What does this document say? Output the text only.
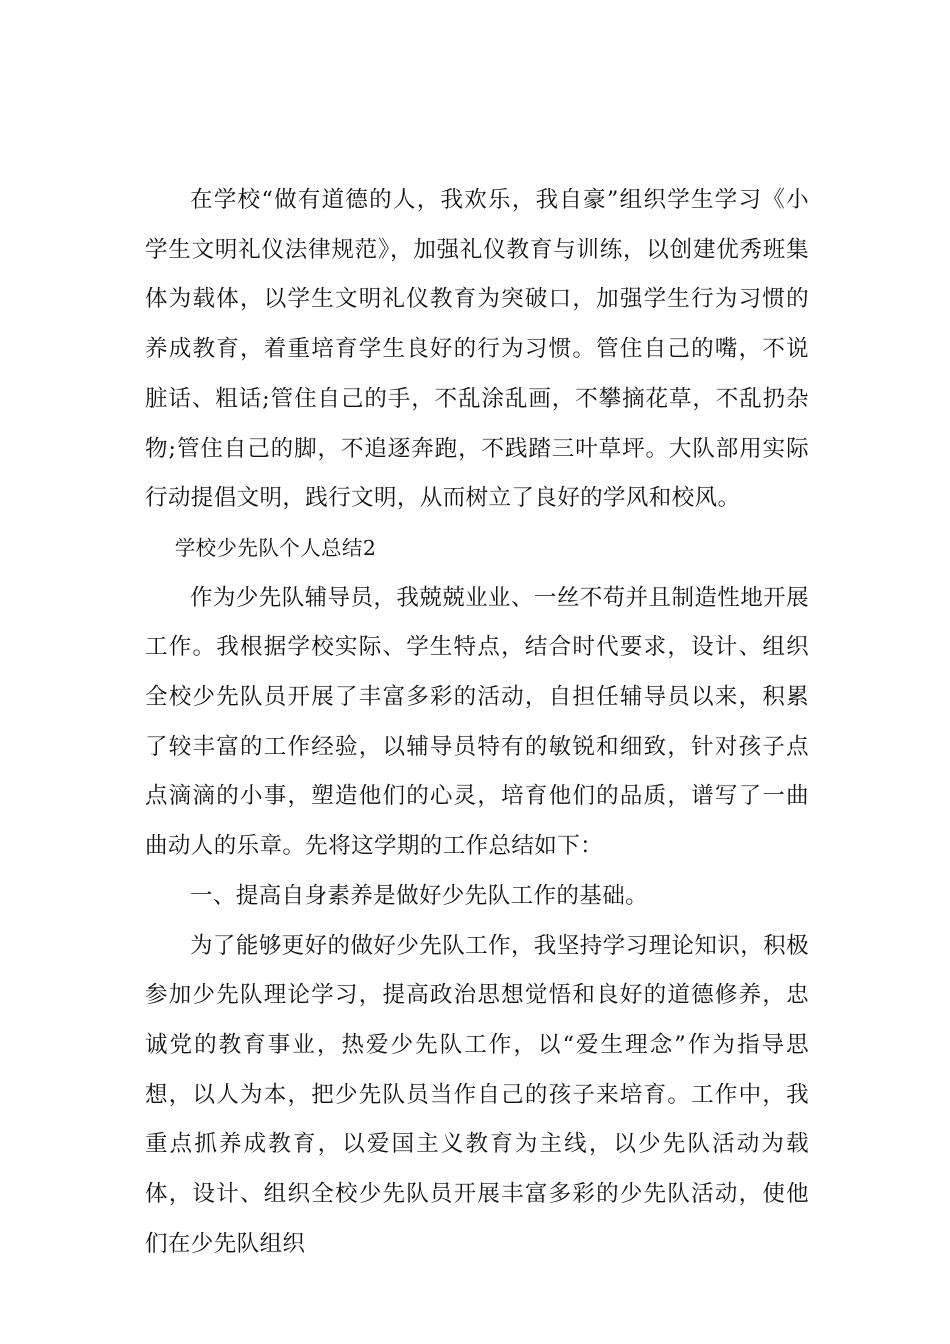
在学校“做有道德的人，我欢乐，我自豪”组织学生学习《小学生文明礼仪法律规范》，加强礼仪教育与训练，以创建优秀班集体为载体，以学生文明礼仪教育为突破口，加强学生行为习惯的养成教育，着重培育学生良好的行为习惯。管住自己的嘴，不说脏话、粗话;管住自己的手，不乱涂乱画，不攀摘花草，不乱扔杂物;管住自己的脚，不追逐奔跑，不践踏三叶草坪。大队部用实际行动提倡文明，践行文明，从而树立了良好的学风和校风。

学校少先队个人总结2

作为少先队辅导员，我兢兢业业、一丝不苟并且制造性地开展工作。我根据学校实际、学生特点，结合时代要求，设计、组织全校少先队员开展了丰富多彩的活动，自担任辅导员以来，积累了较丰富的工作经验，以辅导员特有的敏锐和细致，针对孩子点点滴滴的小事，塑造他们的心灵，培育他们的品质，谱写了一曲曲动人的乐章。先将这学期的工作总结如下：

一、提高自身素养是做好少先队工作的基础。

为了能够更好的做好少先队工作，我坚持学习理论知识，积极参加少先队理论学习，提高政治思想觉悟和良好的道德修养，忠诚党的教育事业，热爱少先队工作，以“爱生理念”作为指导思想，以人为本，把少先队员当作自己的孩子来培育。工作中，我重点抓养成教育，以爱国主义教育为主线，以少先队活动为载体，设计、组织全校少先队员开展丰富多彩的少先队活动，使他们在少先队组织
